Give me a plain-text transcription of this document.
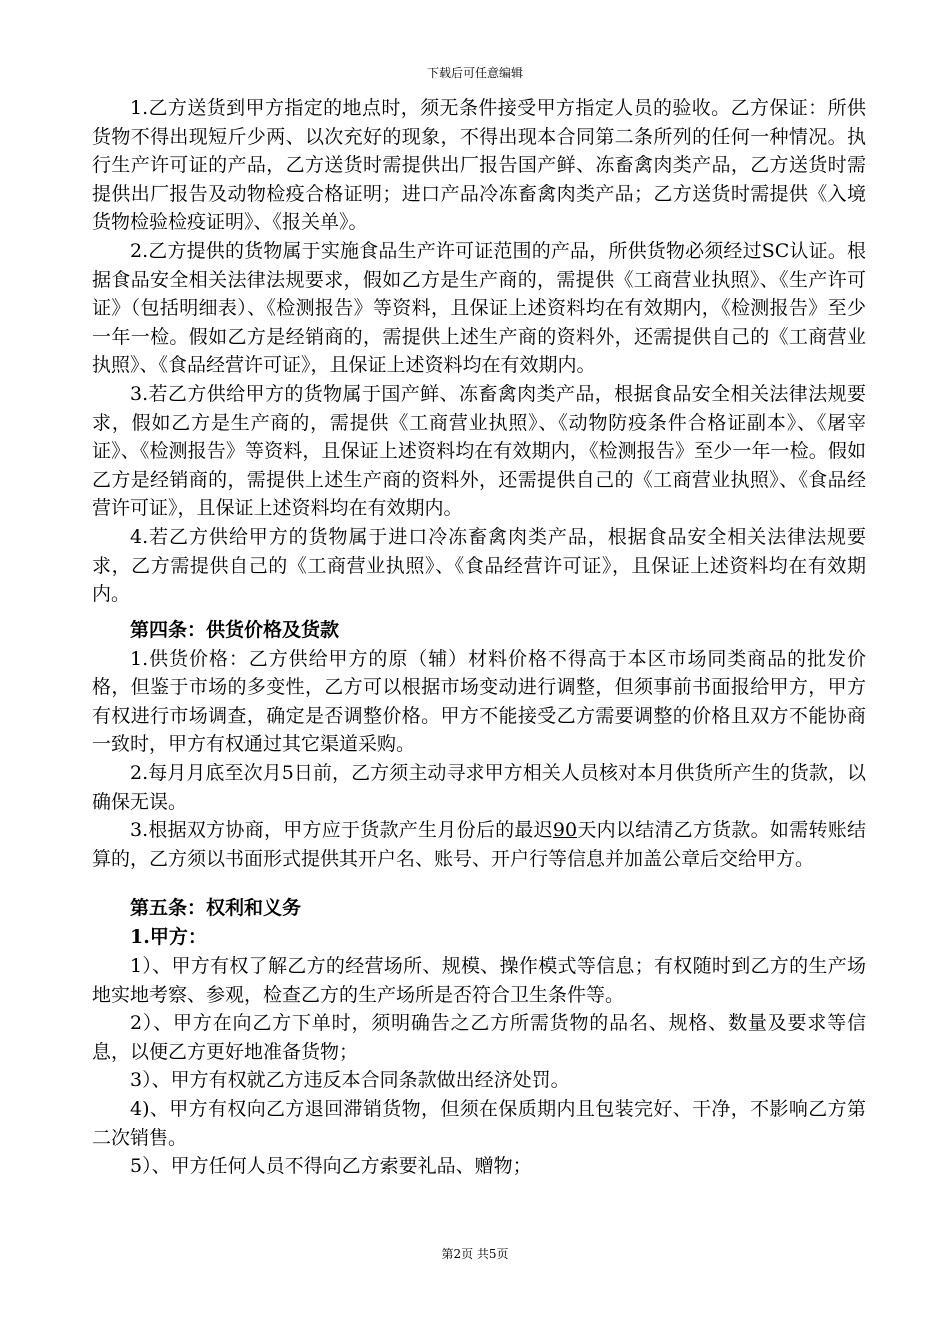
下载后可任意编辑

1.乙方送货到甲方指定的地点时，须无条件接受甲方指定人员的验收。乙方保证：所供货物不得出现短斤少两、以次充好的现象，不得出现本合同第二条所列的任何一种情况。执行生产许可证的产品，乙方送货时需提供出厂报告国产鲜、冻畜禽肉类产品，乙方送货时需提供出厂报告及动物检疫合格证明；进口产品冷冻畜禽肉类产品；乙方送货时需提供《入境货物检验检疫证明》、《报关单》。

2.乙方提供的货物属于实施食品生产许可证范围的产品，所供货物必须经过SC认证。根据食品安全相关法律法规要求，假如乙方是生产商的，需提供《工商营业执照》、《生产许可证》（包括明细表）、《检测报告》等资料，且保证上述资料均在有效期内，《检测报告》至少一年一检。假如乙方是经销商的，需提供上述生产商的资料外，还需提供自己的《工商营业执照》、《食品经营许可证》，且保证上述资料均在有效期内。

3.若乙方供给甲方的货物属于国产鲜、冻畜禽肉类产品，根据食品安全相关法律法规要求，假如乙方是生产商的，需提供《工商营业执照》、《动物防疫条件合格证副本》、《屠宰证》、《检测报告》等资料，且保证上述资料均在有效期内，《检测报告》至少一年一检。假如乙方是经销商的，需提供上述生产商的资料外，还需提供自己的《工商营业执照》、《食品经营许可证》，且保证上述资料均在有效期内。

4.若乙方供给甲方的货物属于进口冷冻畜禽肉类产品，根据食品安全相关法律法规要求，乙方需提供自己的《工商营业执照》、《食品经营许可证》，且保证上述资料均在有效期内。

第四条：供货价格及货款

1.供货价格：乙方供给甲方的原（辅）材料价格不得高于本区市场同类商品的批发价格，但鉴于市场的多变性，乙方可以根据市场变动进行调整，但须事前书面报给甲方，甲方有权进行市场调查，确定是否调整价格。甲方不能接受乙方需要调整的价格且双方不能协商一致时，甲方有权通过其它渠道采购。

2.每月月底至次月5日前，乙方须主动寻求甲方相关人员核对本月供货所产生的货款，以确保无误。

3.根据双方协商，甲方应于货款产生月份后的最迟90天内以结清乙方货款。如需转账结算的，乙方须以书面形式提供其开户名、账号、开户行等信息并加盖公章后交给甲方。

第五条：权利和义务
1.甲方：

1）、甲方有权了解乙方的经营场所、规模、操作模式等信息；有权随时到乙方的生产场地实地考察、参观，检查乙方的生产场所是否符合卫生条件等。

2）、甲方在向乙方下单时，须明确告之乙方所需货物的品名、规格、数量及要求等信息，以便乙方更好地准备货物；

3）、甲方有权就乙方违反本合同条款做出经济处罚。

4)、甲方有权向乙方退回滞销货物，但须在保质期内且包装完好、干净，不影响乙方第二次销售。

5）、甲方任何人员不得向乙方索要礼品、赠物；

第2页 共5页
